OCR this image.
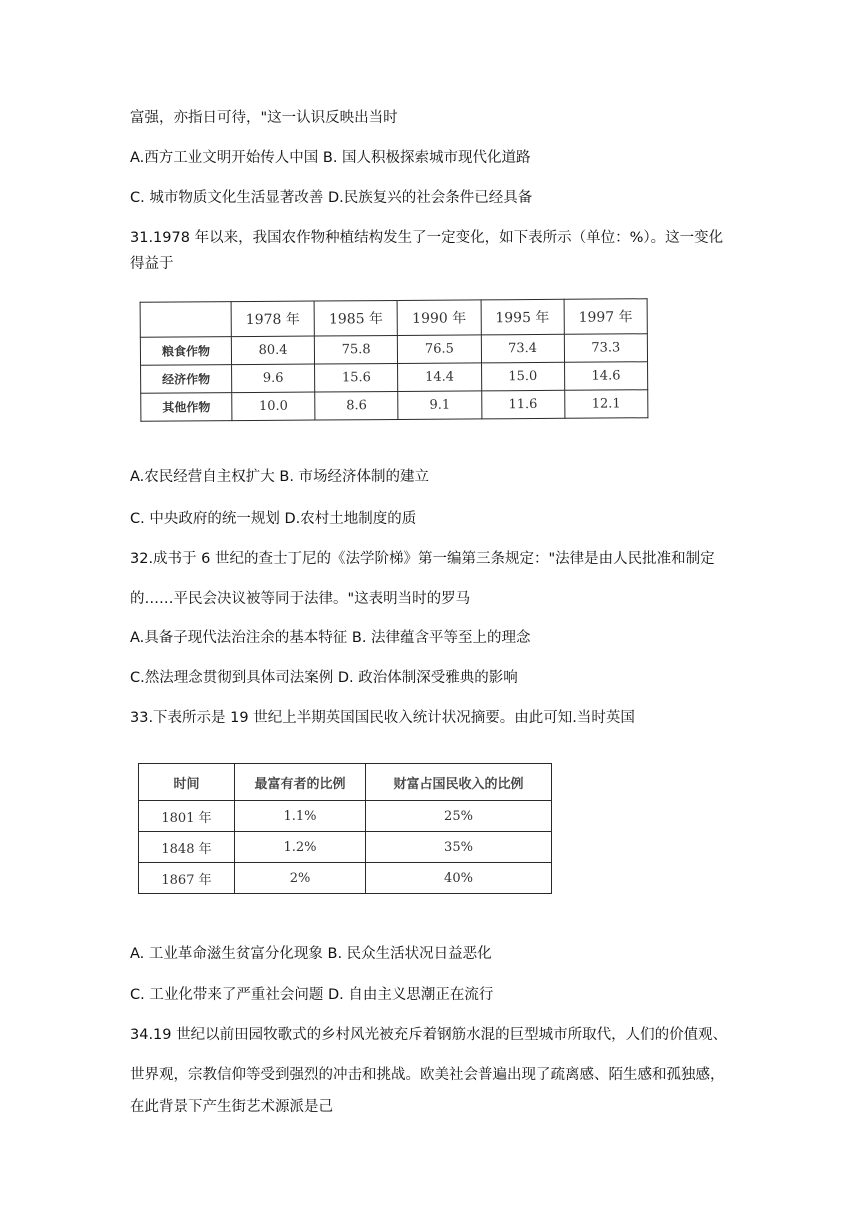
富强，亦指日可待，"这一认识反映出当时
A.西方工业文明开始传人中国 B. 国人积极探索城市现代化道路
C. 城市物质文化生活显著改善 D.民族复兴的社会条件已经具备
31.1978 年以来，我国农作物种植结构发生了一定变化，如下表所示（单位：%）。这一变化
得益于
	1978 年	1985 年	1990 年	1995 年	1997 年
粮食作物	80.4	75.8	76.5	73.4	73.3
经济作物	9.6	15.6	14.4	15.0	14.6
其他作物	10.0	8.6	9.1	11.6	12.1
A.农民经营自主权扩大 B. 市场经济体制的建立
C. 中央政府的统一规划 D.农村土地制度的质
32.成书于 6 世纪的查士丁尼的《法学阶梯》第一编第三条规定："法律是由人民批准和制定
的……平民会决议被等同于法律。"这表明当时的罗马
A.具备子现代法治注余的基本特征 B. 法律蕴含平等至上的理念
C.然法理念贯彻到具体司法案例 D. 政治体制深受雅典的影响
33.下表所示是 19 世纪上半期英国国民收入统计状况摘要。由此可知.当时英国
时间	最富有者的比例	财富占国民收入的比例
1801 年	1.1%	25%
1848 年	1.2%	35%
1867 年	2%	40%
A. 工业革命滋生贫富分化现象 B. 民众生活状况日益恶化
C. 工业化带来了严重社会问题 D. 自由主义思潮正在流行
34.19 世纪以前田园牧歌式的乡村风光被充斥着钢筋水混的巨型城市所取代，人们的价值观、
世界观，宗教信仰等受到强烈的冲击和挑战。欧美社会普遍出现了疏离感、陌生感和孤独感，
在此背景下产生街艺术源派是己
